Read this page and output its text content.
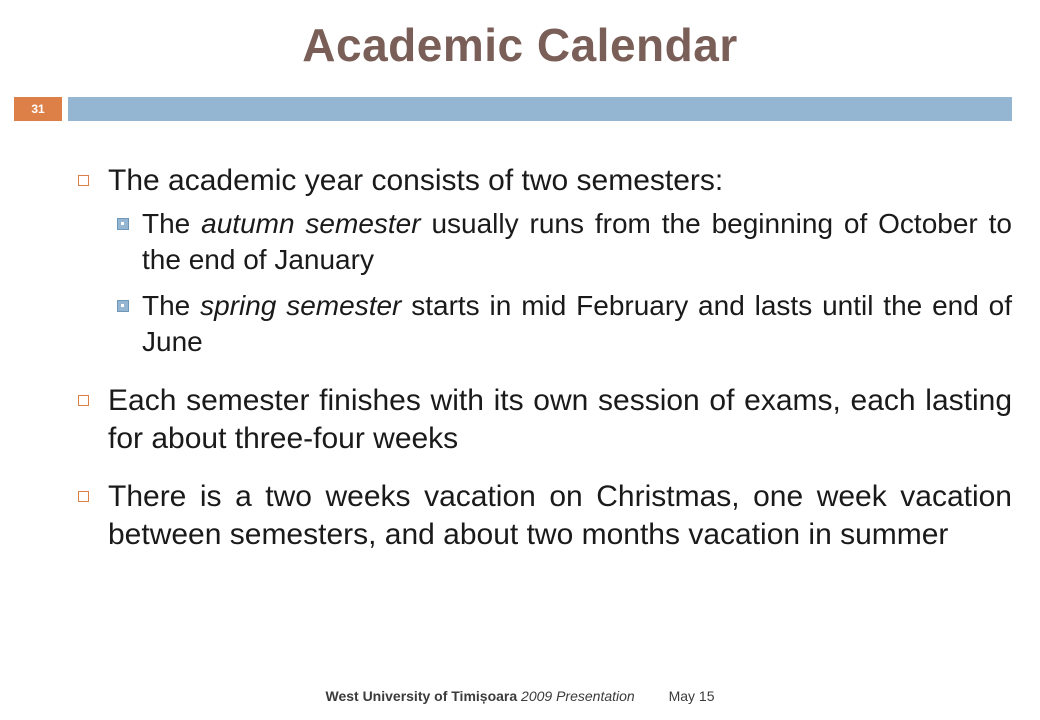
Academic Calendar
31
The academic year consists of two semesters:
The autumn semester usually runs from the beginning of October to the end of January
The spring semester starts in mid February and lasts until the end of June
Each semester finishes with its own session of exams, each lasting for about three-four weeks
There is a two weeks vacation on Christmas, one week vacation between semesters, and about two months vacation in summer
West University of Timișoara 2009 Presentation May 15
